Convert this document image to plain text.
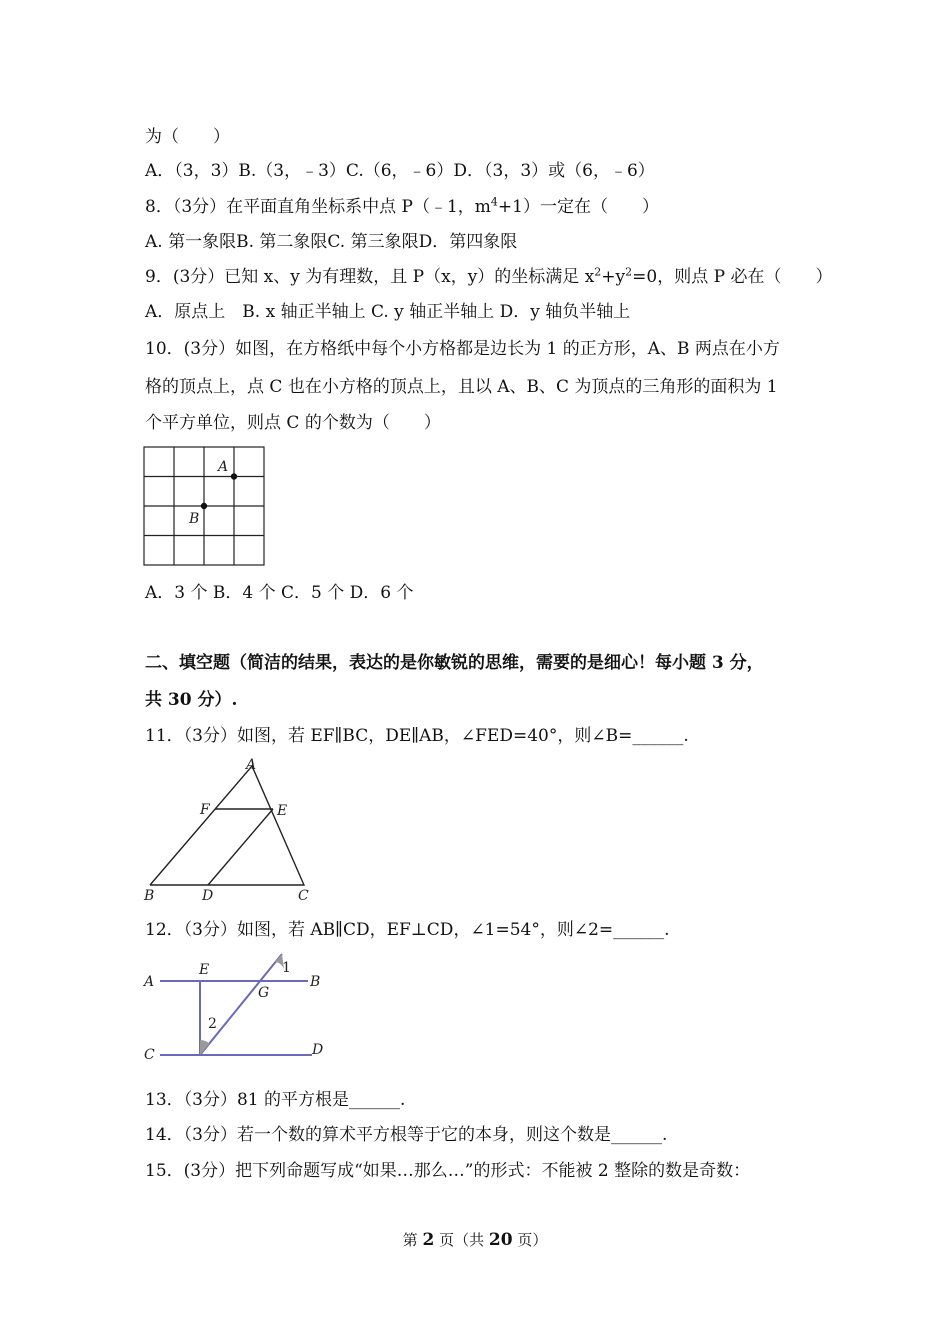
为（　　）
A．（3，3）B.（3，﹣3）C.（6，﹣6）D．（3，3）或（6，﹣6）
8．（3分）在平面直角坐标系中点 P（﹣1，$m^4+1$）一定在（　　）
A. 第一象限B. 第二象限C. 第三象限D．第四象限
9．(3分）已知 x、y 为有理数，且 P（x，y）的坐标满足 $x^2+y^2=0$，则点 P 必在（　　）
A．原点上　B. x 轴正半轴上 C. y 轴正半轴上 D．y 轴负半轴上
10．(3分）如图，在方格纸中每个小方格都是边长为 1 的正方形，A、B 两点在小方
格的顶点上，点 C 也在小方格的顶点上，且以 A、B、C 为顶点的三角形的面积为 1
个平方单位，则点 C 的个数为（　　）
A
B
A．3 个 B．4 个 C．5 个 D．6 个
二、填空题（简洁的结果，表达的是你敏锐的思维，需要的是细心！每小题 3 分，
共 30 分）.
11．（3分）如图，若 EF∥BC，DE∥AB，∠FED=40°，则∠B=______.
A
F	E
B	D	C
12．（3分）如图，若 AB∥CD，EF⊥CD，∠1=54°，则∠2=______.
A
E
B
G
1
2
C	D
13．（3分）81 的平方根是______.
14．（3分）若一个数的算术平方根等于它的本身，则这个数是______.
15．(3分）把下列命题写成“如果…那么…”的形式：不能被 2 整除的数是奇数：
第 2 页（共 20 页）
